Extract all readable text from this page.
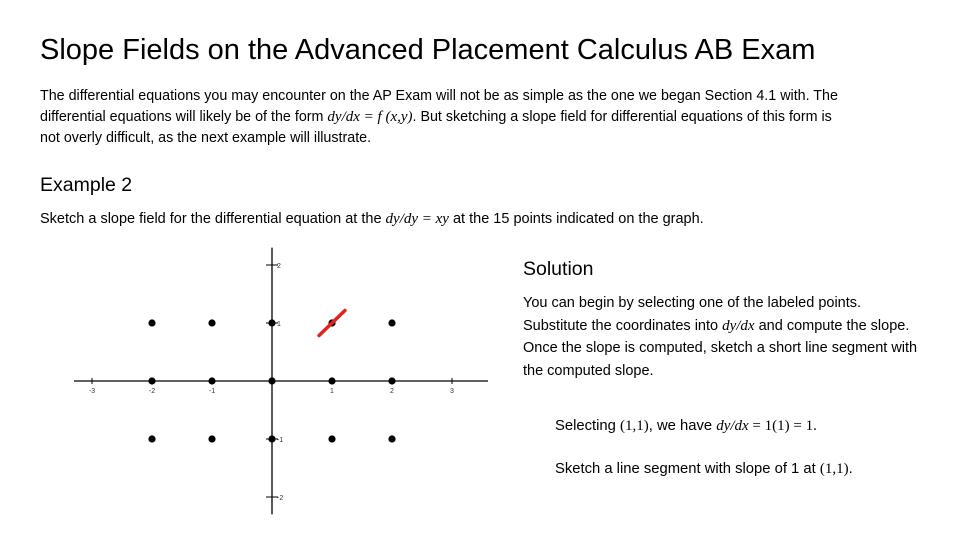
Slope Fields on the Advanced Placement Calculus AB Exam

The differential equations you may encounter on the AP Exam will not be as simple as the one we began Section 4.1 with. The differential equations will likely be of the form dy/dx = f (x,y). But sketching a slope field for differential equations of this form is not overly difficult, as the next example will illustrate.

Example 2
Sketch a slope field for the differential equation at the dy/dy = xy at the 15 points indicated on the graph.
-3	-2	-1	1	2	3
2
1
-1
-2
Solution
You can begin by selecting one of the labeled points. Substitute the coordinates into dy/dx and compute the slope. Once the slope is computed, sketch a short line segment with the computed slope.
Selecting (1,1), we have dy/dx = 1(1) = 1.
Sketch a line segment with slope of 1 at (1,1).
